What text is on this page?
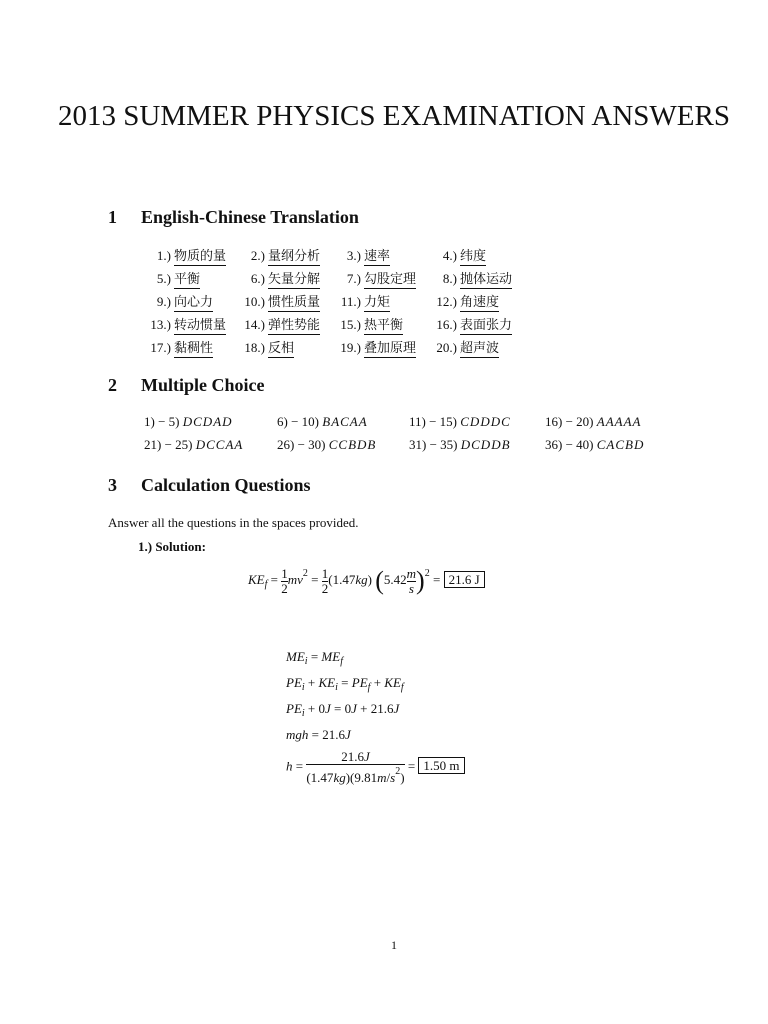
2013 SUMMER PHYSICS EXAMINATION ANSWERS
1 English-Chinese Translation
1.) 物质的量	2.) 量纲分析	3.) 速率	4.) 纬度
5.) 平衡	6.) 矢量分解	7.) 勾股定理	8.) 抛体运动
9.) 向心力	10.) 惯性质量	11.) 力矩	12.) 角速度
13.) 转动惯量	14.) 弹性势能	15.) 热平衡	16.) 表面张力
17.) 黏稠性	18.) 反相	19.) 叠加原理	20.) 超声波
2 Multiple Choice
1) − 5) DCDAD	6) − 10) BACAA	11) − 15) CDDDC	16) − 20) AAAAA
21) − 25) DCCAA	26) − 30) CCBDB	31) − 35) DCDDB	36) − 40) CACBD
3 Calculation Questions
Answer all the questions in the spaces provided.
1.) Solution:
$KE_f = \frac{1}{2} mv^2 = \frac{1}{2} (1.47kg)$ $(5.42 \frac{m}{s} )^2 = 21.6$ J
$ME_i = ME_f$
$PE_i + KE_i = PE_f + KE_f$
$PE_i + 0J = 0J + 21.6J$
mgh = 21.6J
$h = \frac{21.6J}{(1.47kg)(9.81m/s^2)} = 1.50$ m
1
